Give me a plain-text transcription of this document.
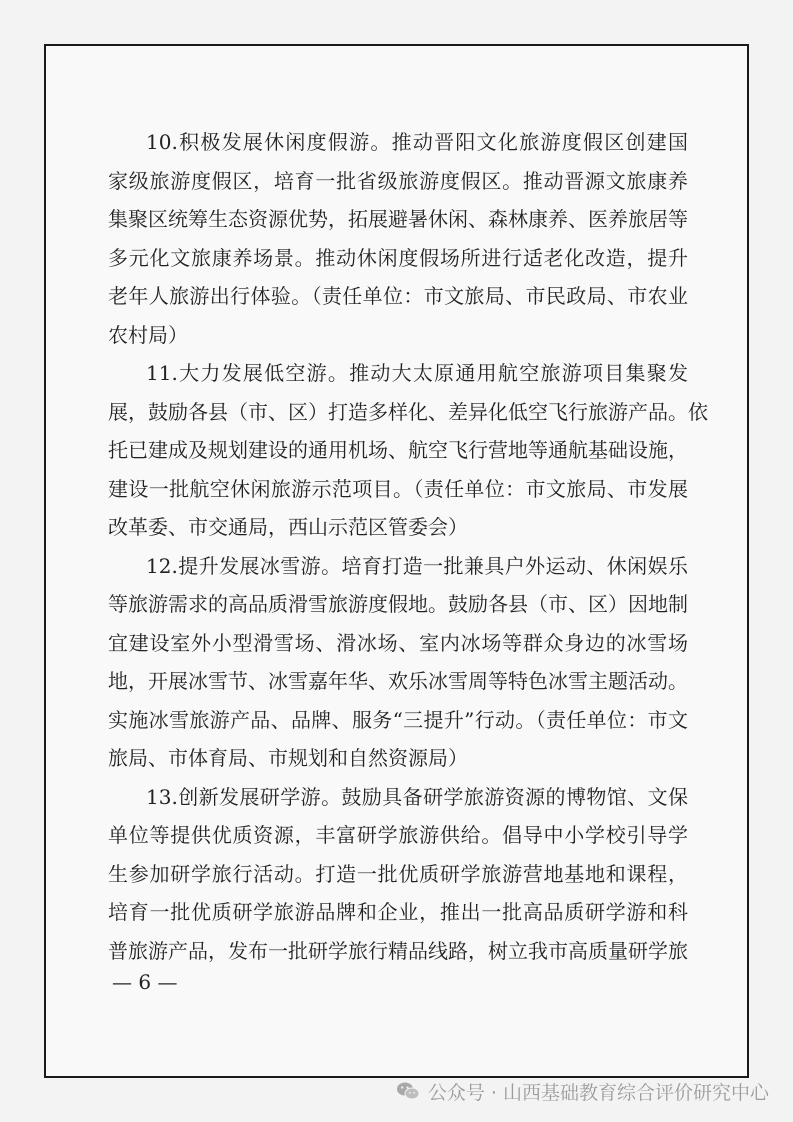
10.积极发展休闲度假游。推动晋阳文化旅游度假区创建国
家级旅游度假区，培育一批省级旅游度假区。推动晋源文旅康养
集聚区统筹生态资源优势，拓展避暑休闲、森林康养、医养旅居等
多元化文旅康养场景。推动休闲度假场所进行适老化改造，提升
老年人旅游出行体验。（责任单位：市文旅局、市民政局、市农业
农村局）
11.大力发展低空游。推动大太原通用航空旅游项目集聚发
展，鼓励各县（市、区）打造多样化、差异化低空飞行旅游产品。依
托已建成及规划建设的通用机场、航空飞行营地等通航基础设施，
建设一批航空休闲旅游示范项目。（责任单位：市文旅局、市发展
改革委、市交通局，西山示范区管委会）
12.提升发展冰雪游。培育打造一批兼具户外运动、休闲娱乐
等旅游需求的高品质滑雪旅游度假地。鼓励各县（市、区）因地制
宜建设室外小型滑雪场、滑冰场、室内冰场等群众身边的冰雪场
地，开展冰雪节、冰雪嘉年华、欢乐冰雪周等特色冰雪主题活动。
实施冰雪旅游产品、品牌、服务“三提升”行动。（责任单位：市文
旅局、市体育局、市规划和自然资源局）
13.创新发展研学游。鼓励具备研学旅游资源的博物馆、文保
单位等提供优质资源，丰富研学旅游供给。倡导中小学校引导学
生参加研学旅行活动。打造一批优质研学旅游营地基地和课程，
培育一批优质研学旅游品牌和企业，推出一批高品质研学游和科
普旅游产品，发布一批研学旅行精品线路，树立我市高质量研学旅
— 6 —
公众号 · 山西基础教育综合评价研究中心
